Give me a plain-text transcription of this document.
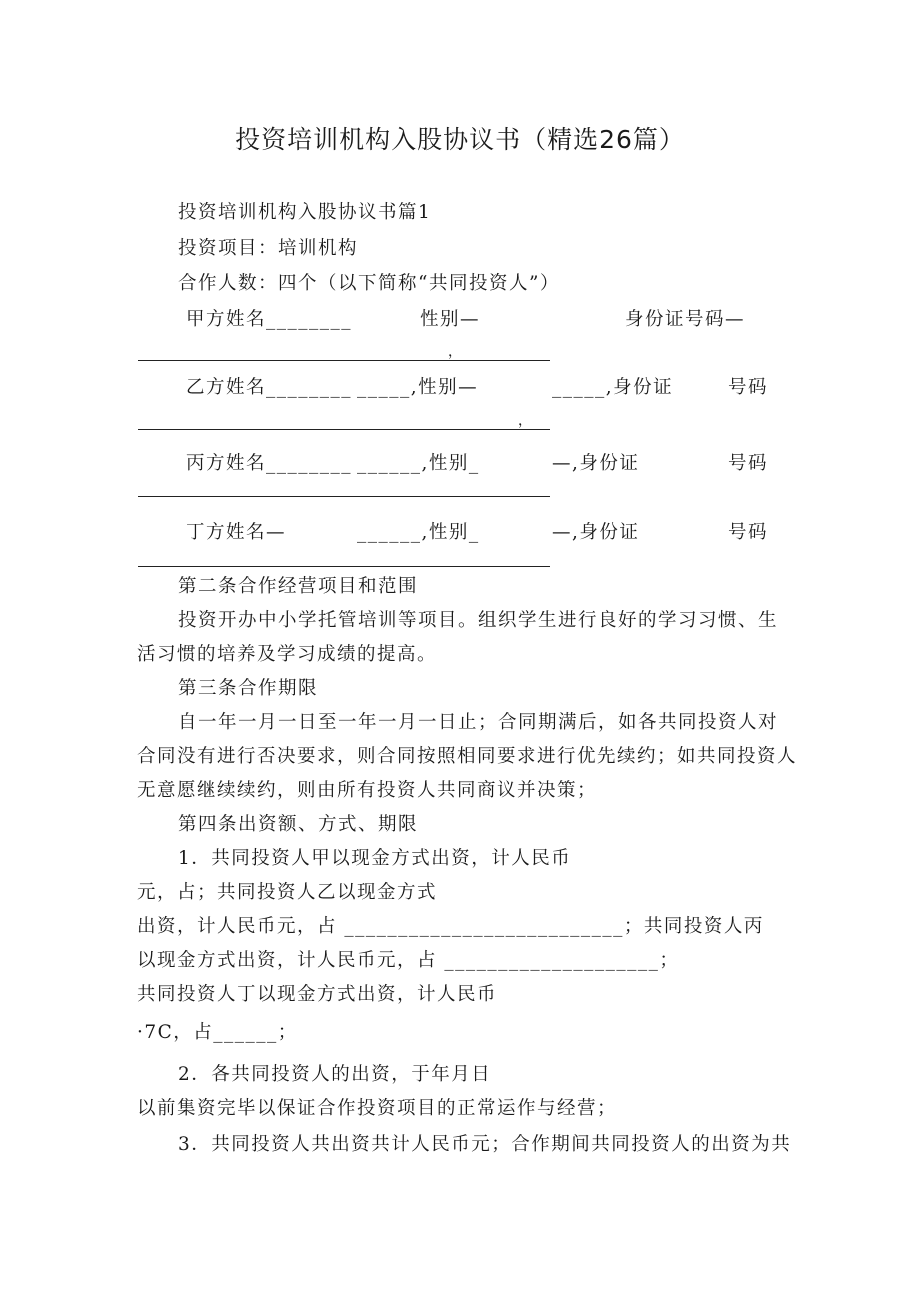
投资培训机构入股协议书（精选26篇）
投资培训机构入股协议书篇1
投资项目：培训机构
合作人数：四个（以下简称“共同投资人”）
甲方姓名________	性别—	身份证号码—
，
乙方姓名________ _____,性别—	_____,身份证	号码
，
丙方姓名________ ______,性别_	—,身份证	号码
丁方姓名—	______,性别_	—,身份证	号码
第二条合作经营项目和范围
投资开办中小学托管培训等项目。组织学生进行良好的学习习惯、生
活习惯的培养及学习成绩的提高。
第三条合作期限
自一年一月一日至一年一月一日止；合同期满后，如各共同投资人对
合同没有进行否决要求，则合同按照相同要求进行优先续约；如共同投资人
无意愿继续续约，则由所有投资人共同商议并决策；
第四条出资额、方式、期限
1．共同投资人甲以现金方式出资，计人民币
元，占；共同投资人乙以现金方式
出资，计人民币元，占 __________________________；共同投资人丙
以现金方式出资，计人民币元，占 ____________________；
共同投资人丁以现金方式出资，计人民币
·7C，占______；
2．各共同投资人的出资，于年月日
以前集资完毕以保证合作投资项目的正常运作与经营；
3．共同投资人共出资共计人民币元；合作期间共同投资人的出资为共
